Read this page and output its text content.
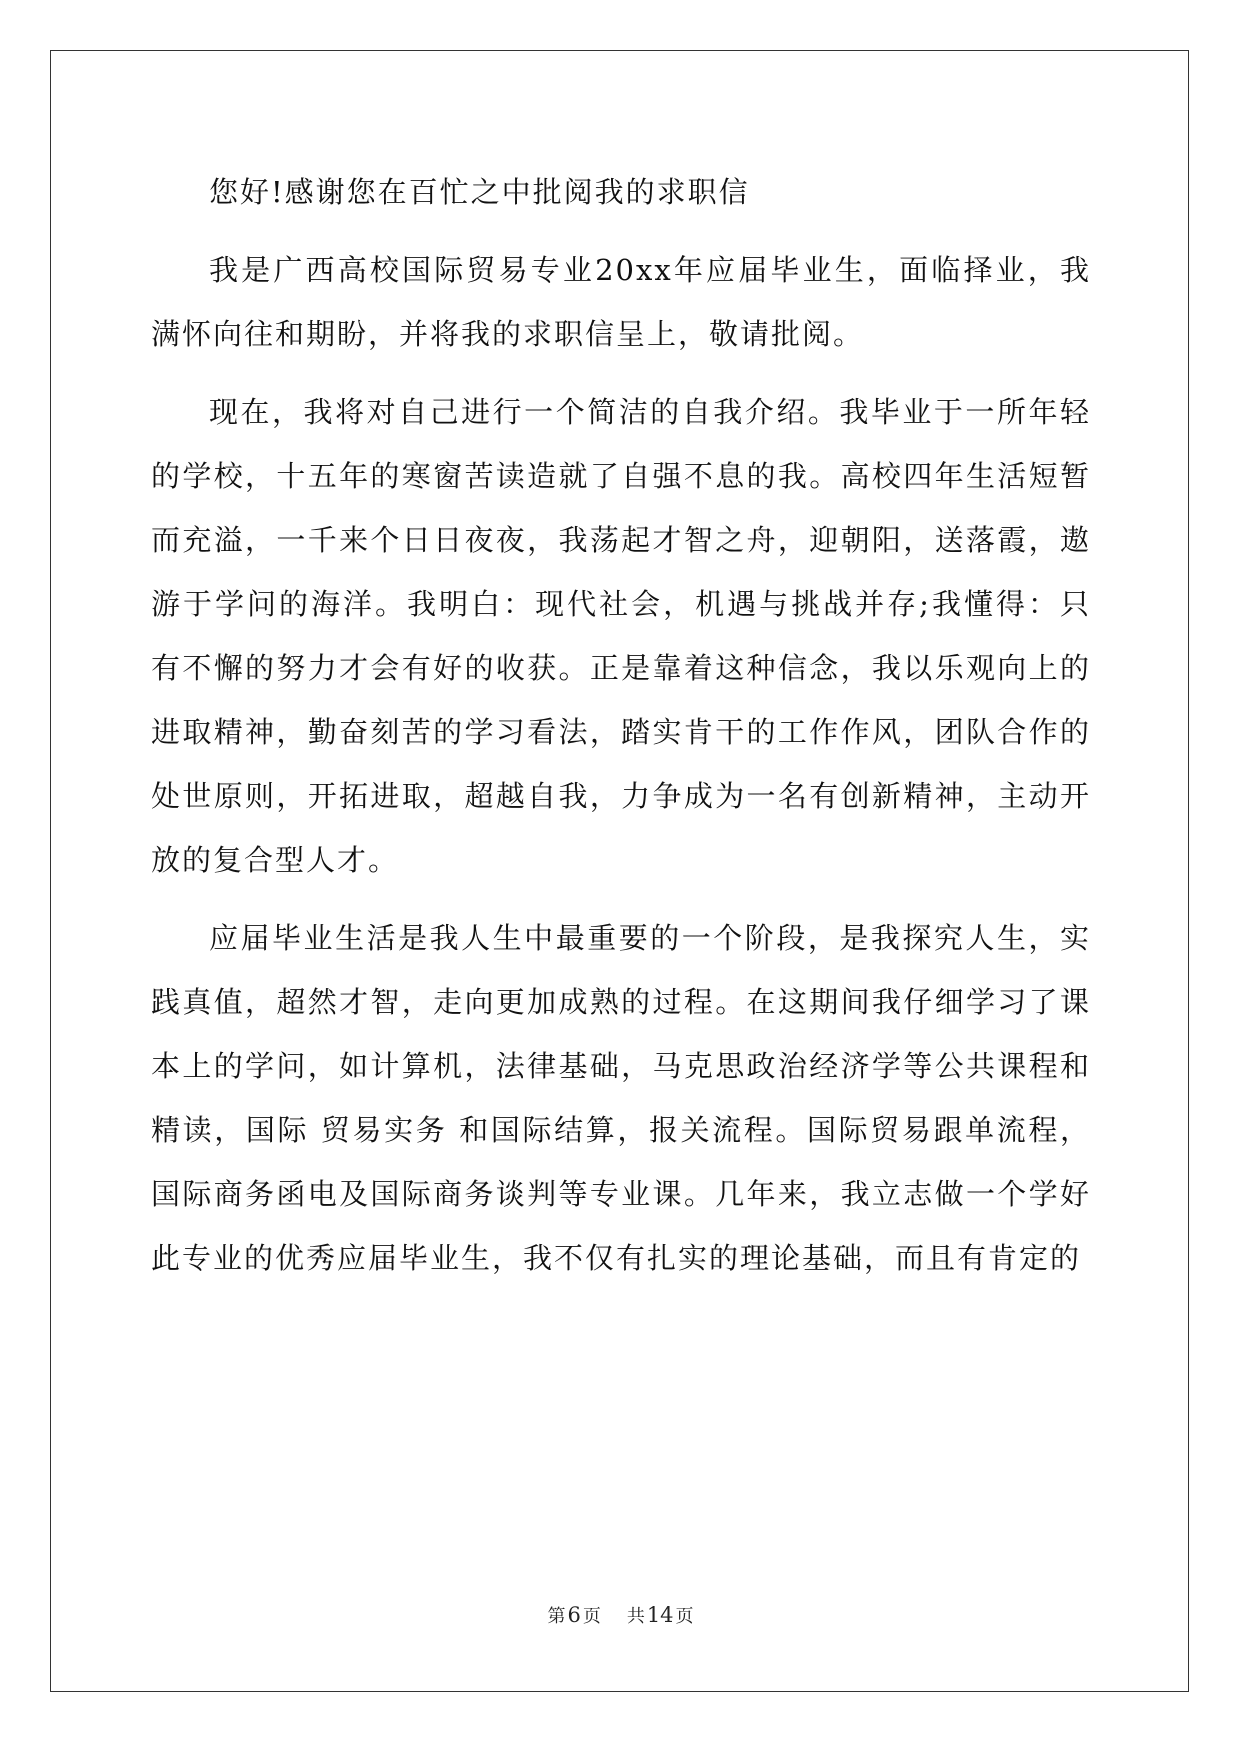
您好!感谢您在百忙之中批阅我的求职信

我是广西高校国际贸易专业20xx年应届毕业生，面临择业，我满怀向往和期盼，并将我的求职信呈上，敬请批阅。

现在，我将对自己进行一个简洁的自我介绍。我毕业于一所年轻的学校，十五年的寒窗苦读造就了自强不息的我。高校四年生活短暂而充溢，一千来个日日夜夜，我荡起才智之舟，迎朝阳，送落霞，遨游于学问的海洋。我明白：现代社会，机遇与挑战并存;我懂得：只有不懈的努力才会有好的收获。正是靠着这种信念，我以乐观向上的进取精神，勤奋刻苦的学习看法，踏实肯干的工作作风，团队合作的处世原则，开拓进取，超越自我，力争成为一名有创新精神，主动开放的复合型人才。

应届毕业生活是我人生中最重要的一个阶段，是我探究人生，实践真值，超然才智，走向更加成熟的过程。在这期间我仔细学习了课本上的学问，如计算机，法律基础，马克思政治经济学等公共课程和精读，国际 贸易实务 和国际结算，报关流程。国际贸易跟单流程，国际商务函电及国际商务谈判等专业课。几年来，我立志做一个学好此专业的优秀应届毕业生，我不仅有扎实的理论基础，而且有肯定的

第6 页 共14 页
